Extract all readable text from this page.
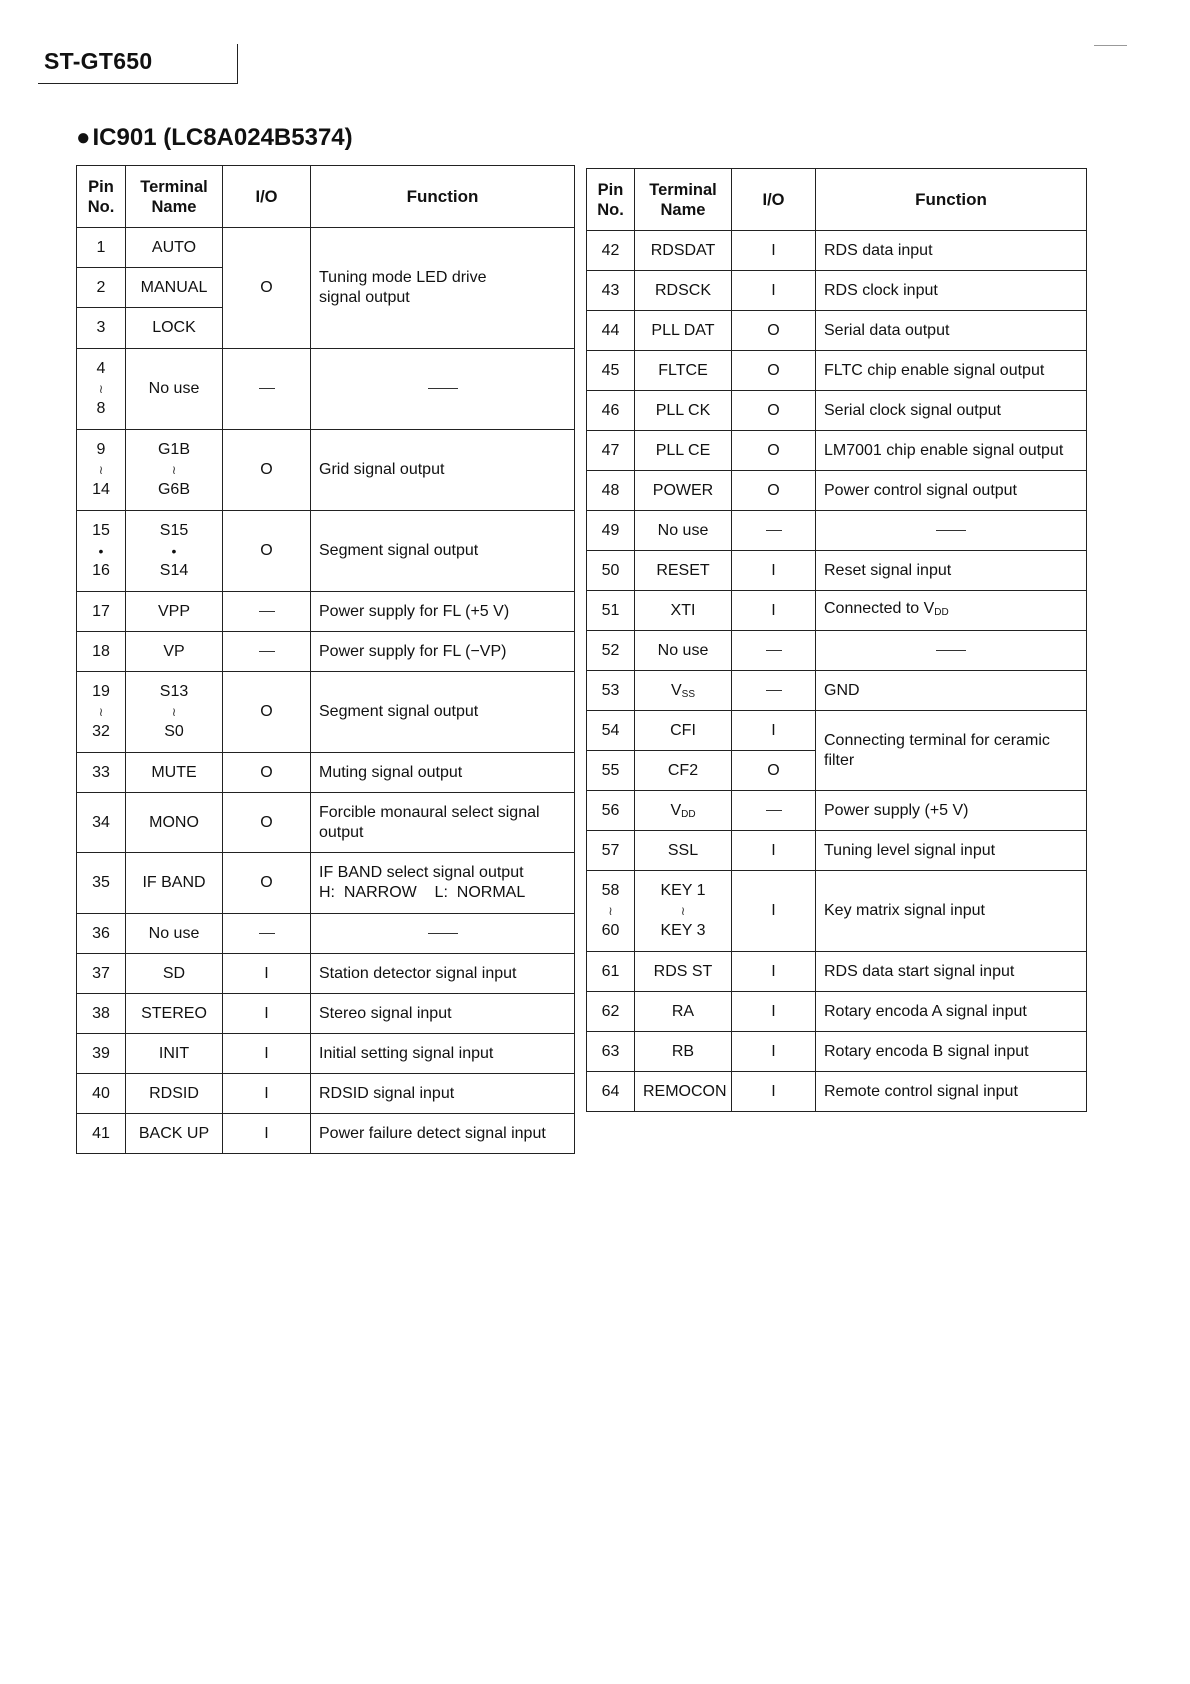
ST-GT650
●IC901 (LC8A024B5374)
Pin
No.	Terminal
Name	I/O	Function
1	AUTO	O	Tuning mode LED drive
signal output
2	MANUAL		
3	LOCK		

4
≀
8	No use		

9
≀
14	G1B
≀
G6B	O	Grid signal output

15
•
16	S15
•
S14	O	Segment signal output
17	VPP		Power supply for FL (+5 V)
18	VP		Power supply for FL (−VP)

19
≀
32	S13
≀
S0	O	Segment signal output
33	MUTE	O	Muting signal output
34	MONO	O	Forcible monaural select signal
output
35	IF BAND	O	IF BAND select signal output
H:  NARROW    L:  NORMAL
36	No use		
37	SD	I	Station detector signal input
38	STEREO	I	Stereo signal input
39	INIT	I	Initial setting signal input
40	RDSID	I	RDSID signal input
41	BACK UP	I	Power failure detect signal input
Pin
No.	Terminal
Name	I/O	Function
42	RDSDAT	I	RDS data input
43	RDSCK	I	RDS clock input
44	PLL DAT	O	Serial data output
45	FLTCE	O	FLTC chip enable signal output
46	PLL CK	O	Serial clock signal output
47	PLL CE	O	LM7001 chip enable signal output
48	POWER	O	Power control signal output
49	No use		
50	RESET	I	Reset signal input
51	XTI	I	Connected to $V_{DD}$
52	No use		
53	$V_{SS}$		GND
54	CFI	I	Connecting terminal for ceramic
filter
55	CF2	O	
56	$V_{DD}$		Power supply (+5 V)
57	SSL	I	Tuning level signal input

58
≀
60	KEY 1
≀
KEY 3	I	Key matrix signal input
61	RDS ST	I	RDS data start signal input
62	RA	I	Rotary encoda A signal input
63	RB	I	Rotary encoda B signal input
64	REMOCON	I	Remote control signal input
